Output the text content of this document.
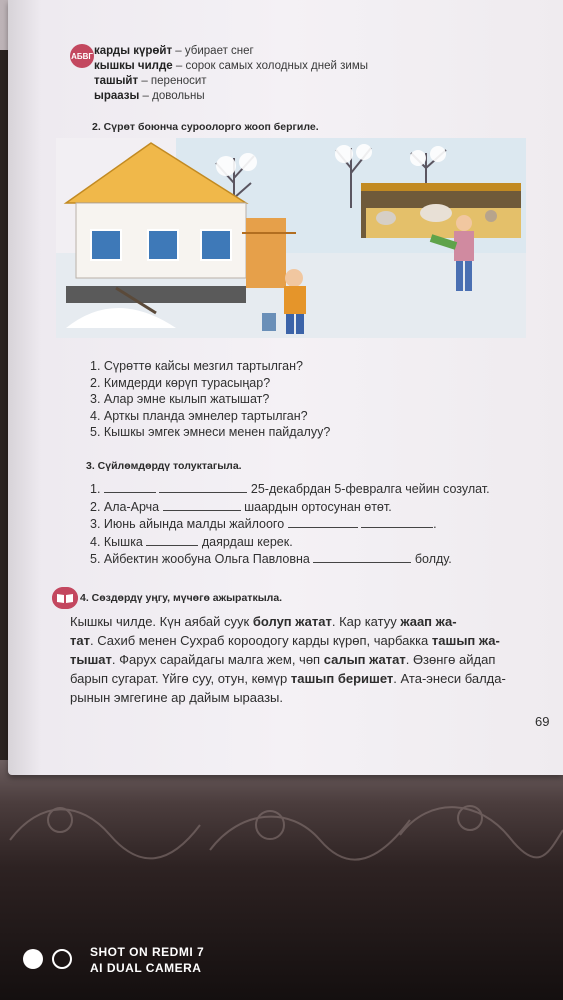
АБВГ карды күрөйт – убирает снег
кышкы чилде – сорок самых холодных дней зимы
ташыйт – переносит
ыраазы – довольны
2. Сүрөт боюнча суроолорго жооп бергиле.
1. Сүрөттө кайсы мезгил тартылган?
2. Кимдерди көрүп турасыңар?
3. Алар эмне кылып жатышат?
4. Арткы планда эмнелер тартылган?
5. Кышкы эмгек эмнеси менен пайдалуу?
3. Сүйлөмдөрдү толуктагыла.
1.	25-декабрдан 5-февралга чейин созулат.
2. Ала-Арча	шаардын ортосунан өтөт.
3. Июнь айында малды жайлоого	.
4. Кышка	даярдаш керек.
5. Айбектин жообуна Ольга Павловна	болду.
4. Сөздөрдү уңгу, мүчөгө ажыраткыла.
Кышкы чилде. Күн аябай суук болуп жатат. Кар катуу жаап жа-
тат. Сахиб менен Сухраб короодогу карды күрөп, чарбакка ташып жа-
тышат. Фарух сарайдагы малга жем, чөп салып жатат. Өзөнгө айдап
барып сугарат. Үйгө суу, отун, көмүр ташып беришет. Ата-энеси балда-
рынын эмгегине ар дайым ыраазы.
69
SHOT ON REDMI 7
AI DUAL CAMERA
